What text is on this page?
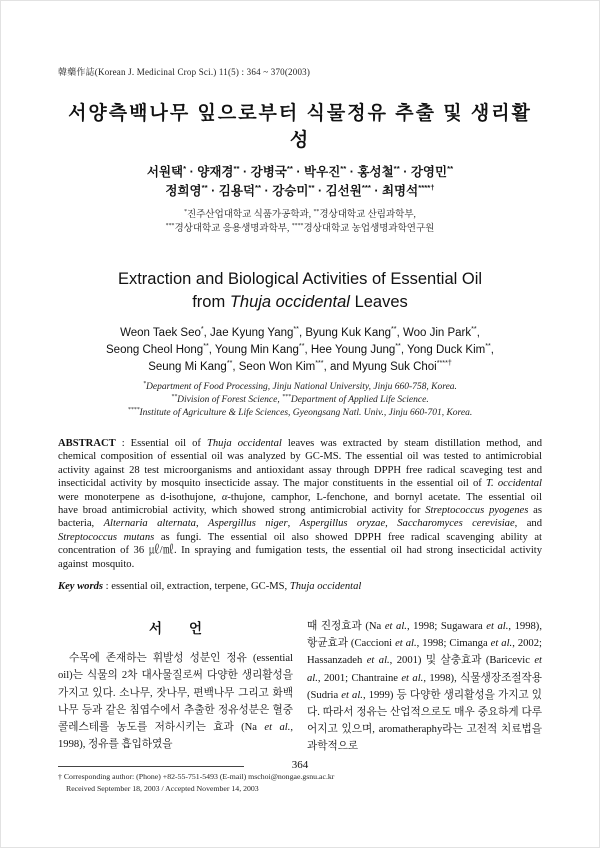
韓藥作誌(Korean J. Medicinal Crop Sci.) 11(5) : 364 ~ 370(2003)
서양측백나무 잎으로부터 식물정유 추출 및 생리활성
서원택* · 양재경** · 강병국** · 박우진** · 홍성철** · 강영민**
정희영** · 김용덕** · 강승미** · 김선원*** · 최명석****†
*진주산업대학교 식품가공학과, **경상대학교 산림과학부,
***경상대학교 응용생명과학부, ****경상대학교 농업생명과학연구원
Extraction and Biological Activities of Essential Oil
from Thuja occidental Leaves
Weon Taek Seo*, Jae Kyung Yang**, Byung Kuk Kang**, Woo Jin Park**,
Seong Cheol Hong**, Young Min Kang**, Hee Young Jung**, Yong Duck Kim**,
Seung Mi Kang**, Seon Won Kim***, and Myung Suk Choi****†
*Department of Food Processing, Jinju National University, Jinju 660-758, Korea.
**Division of Forest Science, ***Department of Applied Life Science.
****Institute of Agriculture & Life Sciences, Gyeongsang Natl. Univ., Jinju 660-701, Korea.

ABSTRACT : Essential oil of Thuja occidental leaves was extracted by steam distillation method, and chemical composition of essential oil was analyzed by GC-MS. The essential oil was tested to antimicrobial activity against 28 test microorganisms and antioxidant assay through DPPH free radical scaveging test and insecticidal activity by mosquito insecticide assay. The major constituents in the essential oil of T. occidental were monoterpene as d-isothujone, α-thujone, camphor, L-fenchone, and bornyl acetate. The essential oil have broad antimicrobial activity, which showed strong antimicrobial activity for Streptococcus pyogenes as bacteria, Alternaria alternata, Aspergillus niger, Aspergillus oryzae, Saccharomyces cerevisiae, and Streptococcus mutans as fungi. The essential oil also showed DPPH free radical scavenging ability at concentration of 36 ㎕/㎖. In spraying and fumigation tests, the essential oil had strong insecticidal activity against mosquito.

Key words : essential oil, extraction, terpene, GC-MS, Thuja occidental

서  언

수목에 존재하는 휘발성 성분인 정유 (essential oil)는 식물의 2차 대사물질로써 다양한 생리활성을 가지고 있다. 소나무, 잣나무, 편백나무 그리고 화백나무 등과 같은 침엽수에서 추출한 정유성분은 혈중 콜레스테롤 농도를 저하시키는 효과 (Na et al., 1998), 정유를 흡입하였을

때 진정효과 (Na et al., 1998; Sugawara et al., 1998), 항균효과 (Caccioni et al., 1998; Cimanga et al., 2002; Hassanzadeh et al., 2001) 및 살충효과 (Baricevic et al., 2001; Chantraine et al., 1998), 식물생장조절작용 (Sudria et al., 1999) 등 다양한 생리활성을 가지고 있다. 따라서 정유는 산업적으로도 매우 중요하게 다루어지고 있으며, aromatheraphy라는 고전적 치료법을 과학적으로

† Corresponding author: (Phone) +82-55-751-5493 (E-mail) mschoi@nongae.gsnu.ac.kr
Received September 18, 2003 / Accepted November 14, 2003
364
